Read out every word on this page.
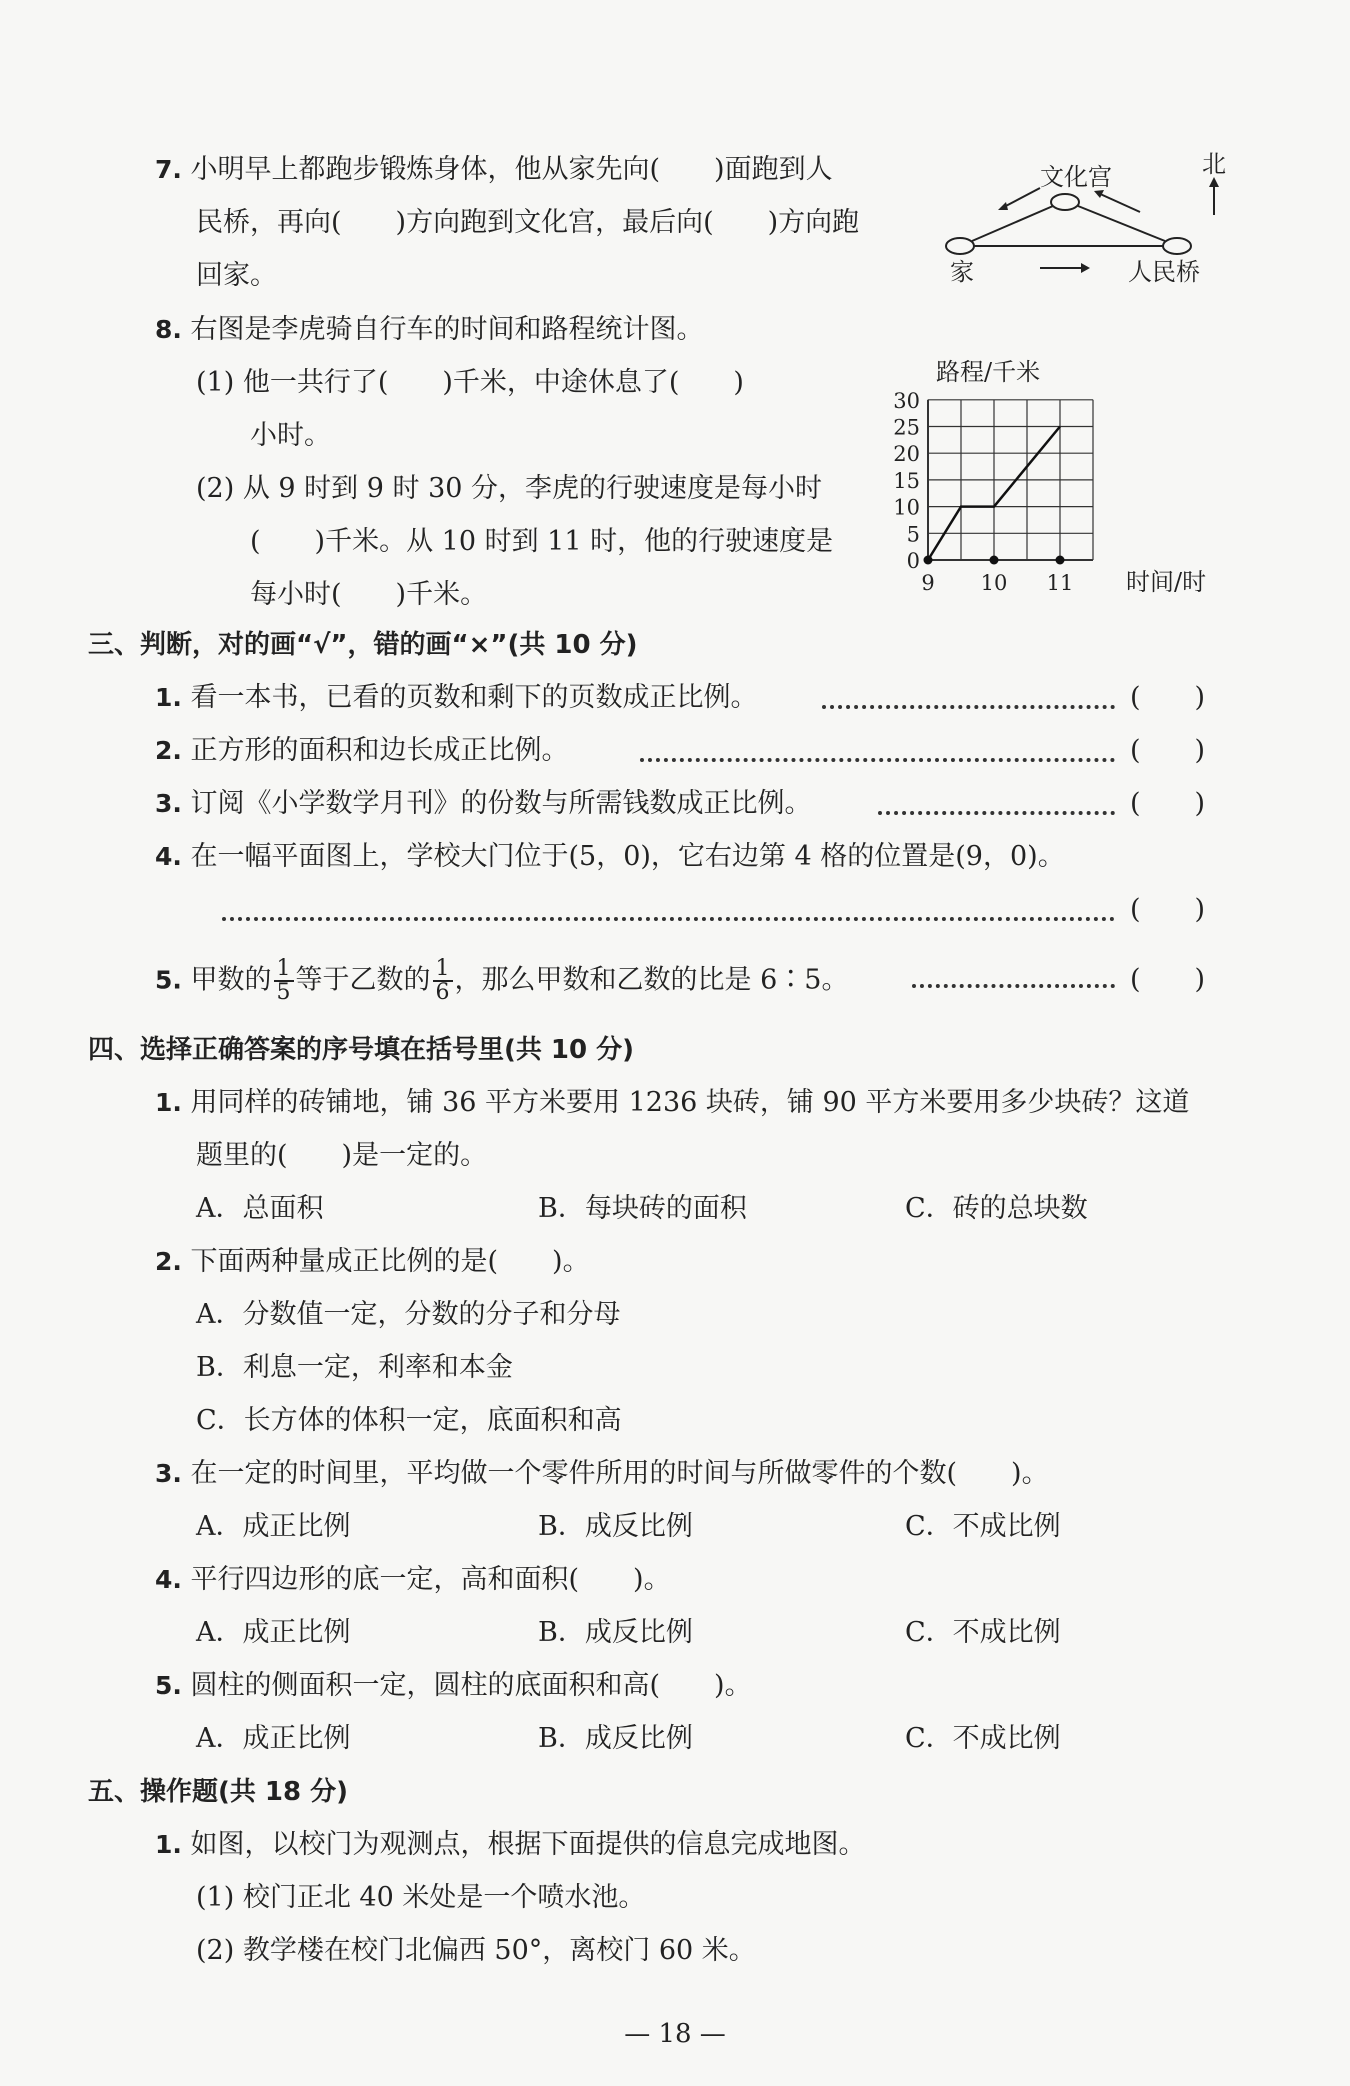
7. 小明早上都跑步锻炼身体，他从家先向(　　)面跑到人
民桥，再向(　　)方向跑到文化宫，最后向(　　)方向跑
回家。
文化宫
家	人民桥
北
8. 右图是李虎骑自行车的时间和路程统计图。
(1) 他一共行了(　　)千米，中途休息了(　　)
小时。
(2) 从 9 时到 9 时 30 分，李虎的行驶速度是每小时
(　　)千米。从 10 时到 11 时，他的行驶速度是
每小时(　　)千米。
0
5
10
15
20
25
30
9 10 11
路程/千米
时间/时
三、判断，对的画“√”，错的画“×”(共 10 分)
1. 看一本书，已看的页数和剩下的页数成正比例。	(　　)
2. 正方形的面积和边长成正比例。	(　　)
3. 订阅《小学数学月刊》的份数与所需钱数成正比例。	(　　)
4. 在一幅平面图上，学校大门位于(5，0)，它右边第 4 格的位置是(9，0)。
(　　)
5. 甲数的 $\frac{1}{5}$ 等于乙数的 $\frac{1}{6}$ ，那么甲数和乙数的比是 6∶5。	(　　)
四、选择正确答案的序号填在括号里(共 10 分)
1. 用同样的砖铺地，铺 36 平方米要用 1236 块砖，铺 90 平方米要用多少块砖？这道
题里的(　　)是一定的。
A．总面积	B．每块砖的面积	C．砖的总块数
2. 下面两种量成正比例的是(　　)。
A．分数值一定，分数的分子和分母
B．利息一定，利率和本金
C．长方体的体积一定，底面积和高
3. 在一定的时间里，平均做一个零件所用的时间与所做零件的个数(　　)。
A．成正比例	B．成反比例	C．不成比例
4. 平行四边形的底一定，高和面积(　　)。
A．成正比例	B．成反比例	C．不成比例
5. 圆柱的侧面积一定，圆柱的底面积和高(　　)。
A．成正比例	B．成反比例	C．不成比例
五、操作题(共 18 分)
1. 如图，以校门为观测点，根据下面提供的信息完成地图。
(1) 校门正北 40 米处是一个喷水池。
(2) 教学楼在校门北偏西 50°，离校门 60 米。
— 18 —
